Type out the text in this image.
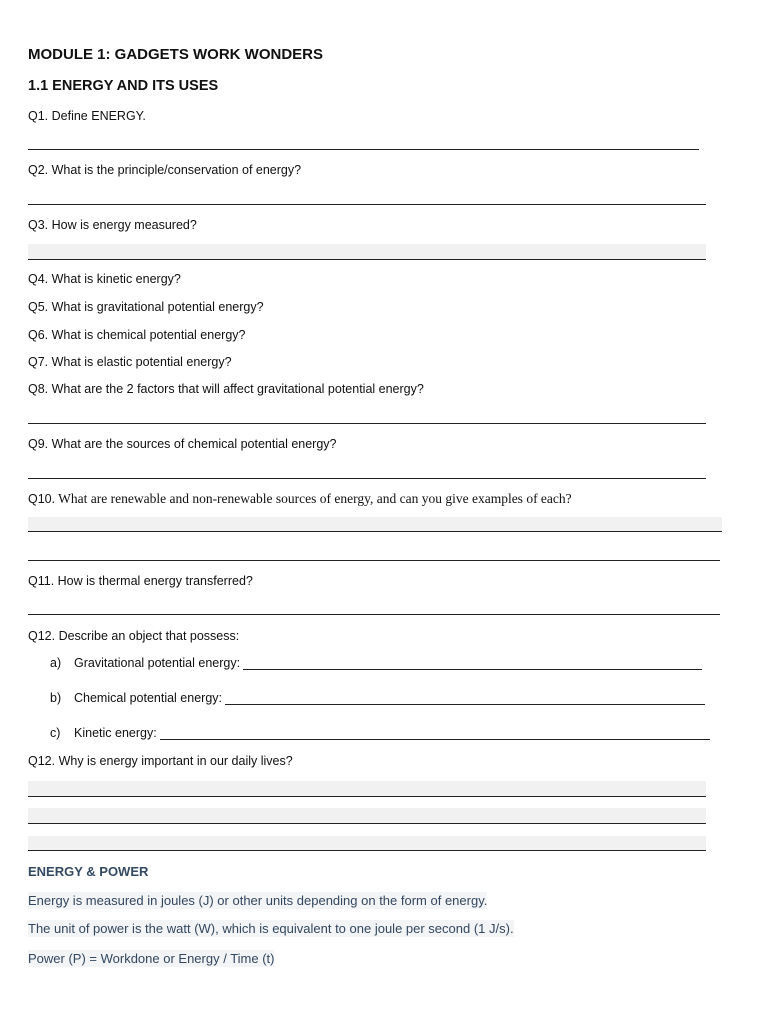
MODULE 1: GADGETS WORK WONDERS
1.1 ENERGY AND ITS USES
Q1. Define ENERGY.
Q2. What is the principle/conservation of energy?
Q3. How is energy measured?
Q4. What is kinetic energy?
Q5. What is gravitational potential energy?
Q6. What is chemical potential energy?
Q7. What is elastic potential energy?
Q8. What are the 2 factors that will affect gravitational potential energy?
Q9. What are the sources of chemical potential energy?
Q10. What are renewable and non-renewable sources of energy, and can you give examples of each?
Q11. How is thermal energy transferred?
Q12. Describe an object that possess:
a)	Gravitational potential energy:
b)	Chemical potential energy:
c)	Kinetic energy:
Q12. Why is energy important in our daily lives?
ENERGY & POWER
Energy is measured in joules (J) or other units depending on the form of energy.
The unit of power is the watt (W), which is equivalent to one joule per second (1 J/s).
Power (P) = Workdone or Energy / Time (t)
